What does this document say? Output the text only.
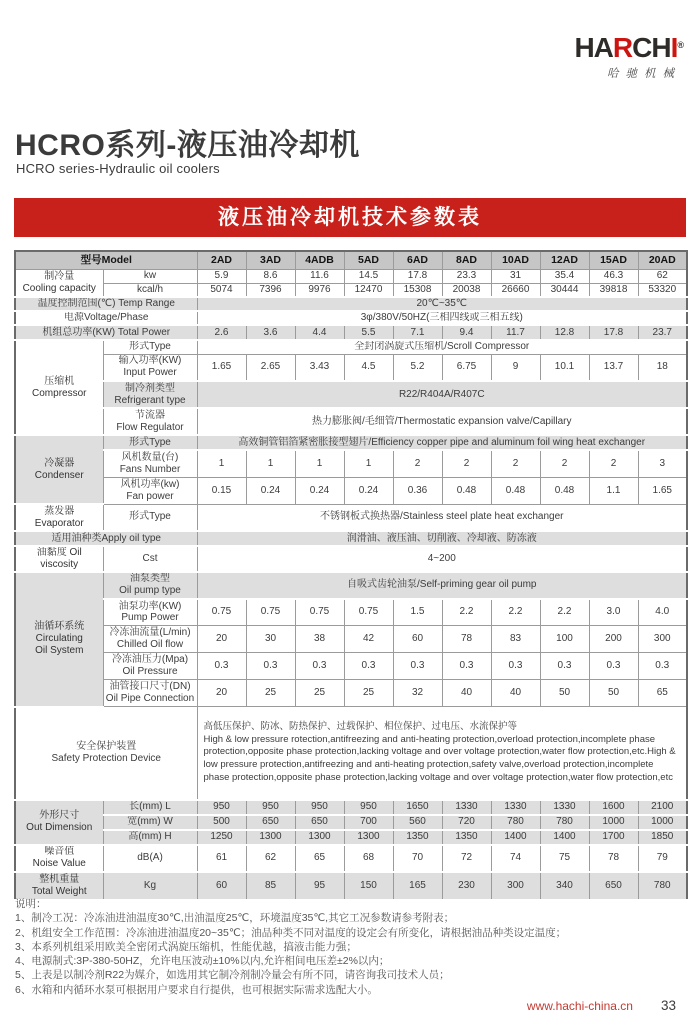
HARCHI®
哈驰机械
HCRO系列-液压油冷却机
HCRO series-Hydraulic oil coolers
液压油冷却机技术参数表
型号Model		2AD	3AD	4ADB	5AD	6AD	8AD	10AD	12AD	15AD	20AD
制冷量
Cooling capacity	kw	5.9	8.6	11.6	14.5	17.8	23.3	31	35.4	46.3	62
	kcal/h	5074	7396	9976	12470	15308	20038	26660	30444	39818	53320
温度控制范围(℃) Temp Range		20℃~35℃									
电源Voltage/Phase		3φ/380V/50HZ(三相四线或三相五线)									
机组总功率(KW) Total Power		2.6	3.6	4.4	5.5	7.1	9.4	11.7	12.8	17.8	23.7
压缩机
Compressor	形式Type	全封闭涡旋式压缩机/Scroll Compressor									
	输入功率(KW)
Input Power	1.65	2.65	3.43	4.5	5.2	6.75	9	10.1	13.7	18
	制冷剂类型
Refrigerant type	R22/R404A/R407C									
	节流器
Flow Regulator	热力膨胀阀/毛细管/Thermostatic expansion valve/Capillary									
冷凝器
Condenser	形式Type	高效铜管铝箔紧密胀接型翅片/Efficiency copper pipe and aluminum foil wing heat exchanger									
	风机数量(台)
Fans Number	1	1	1	1	2	2	2	2	2	3
	风机功率(kw)
Fan power	0.15	0.24	0.24	0.24	0.36	0.48	0.48	0.48	1.1	1.65
蒸发器
Evaporator	形式Type	不锈钢板式换热器/Stainless steel plate heat exchanger									
适用油种类Apply oil type		润滑油、液压油、切削液、冷却液、防冻液									
油黏度 Oil viscosity	Cst	4~200									
油循环系统
Circulating
Oil System	油泵类型
Oil pump type	自吸式齿轮油泵/Self-priming gear oil pump									
	油泵功率(KW)
Pump Power	0.75	0.75	0.75	0.75	1.5	2.2	2.2	2.2	3.0	4.0
	冷冻油流量(L/min)
Chilled Oil flow	20	30	38	42	60	78	83	100	200	300
	冷冻油压力(Mpa)
Oil Pressure	0.3	0.3	0.3	0.3	0.3	0.3	0.3	0.3	0.3	0.3
	油管接口尺寸(DN)
Oil Pipe Connection	20	25	25	25	32	40	40	50	50	65
安全保护装置
Safety Protection Device		高低压保护、防冰、防热保护、过载保护、相位保护、过电压、水流保护等
High & low pressure rotection,antifreezing and anti-heating protection,overload protection,incomplete phase protection,opposite phase protection,lacking voltage and over voltage protection,water flow protection,etc.High & low pressure protection,antifreezing and anti-heating protection,safety valve,overload protection,incomplete phase protection,opposite phase protection,lacking voltage and over voltage protection,water flow protection,etc									
外形尺寸
Out Dimension	长(mm) L	950	950	950	950	1650	1330	1330	1330	1600	2100
	宽(mm) W	500	650	650	700	560	720	780	780	1000	1000
	高(mm) H	1250	1300	1300	1300	1350	1350	1400	1400	1700	1850
噪音值
Noise Value	dB(A)	61	62	65	68	70	72	74	75	78	79
整机重量
Total Weight	Kg	60	85	95	150	165	230	300	340	650	780
说明：
1、制冷工况：冷冻油进油温度30℃,出油温度25℃，环境温度35℃,其它工况参数请参考附表；
2、机组安全工作范围：冷冻油进油温度20~35℃；油品种类不同对温度的设定会有所变化，请根据油品种类设定温度；
3、本系列机组采用欧美全密闭式涡旋压缩机，性能优越，搞液击能力强；
4、电源制式:3P-380-50HZ，允许电压波动±10%以内,允许相间电压差±2%以内；
5、上表是以制冷剂R22为媒介，如选用其它制冷剂制冷量会有所不同，请咨询我司技术人员；
6、水箱和内循环水泵可根据用户要求自行提供，也可根据实际需求选配大小。
www.hachi-china.cn 33
